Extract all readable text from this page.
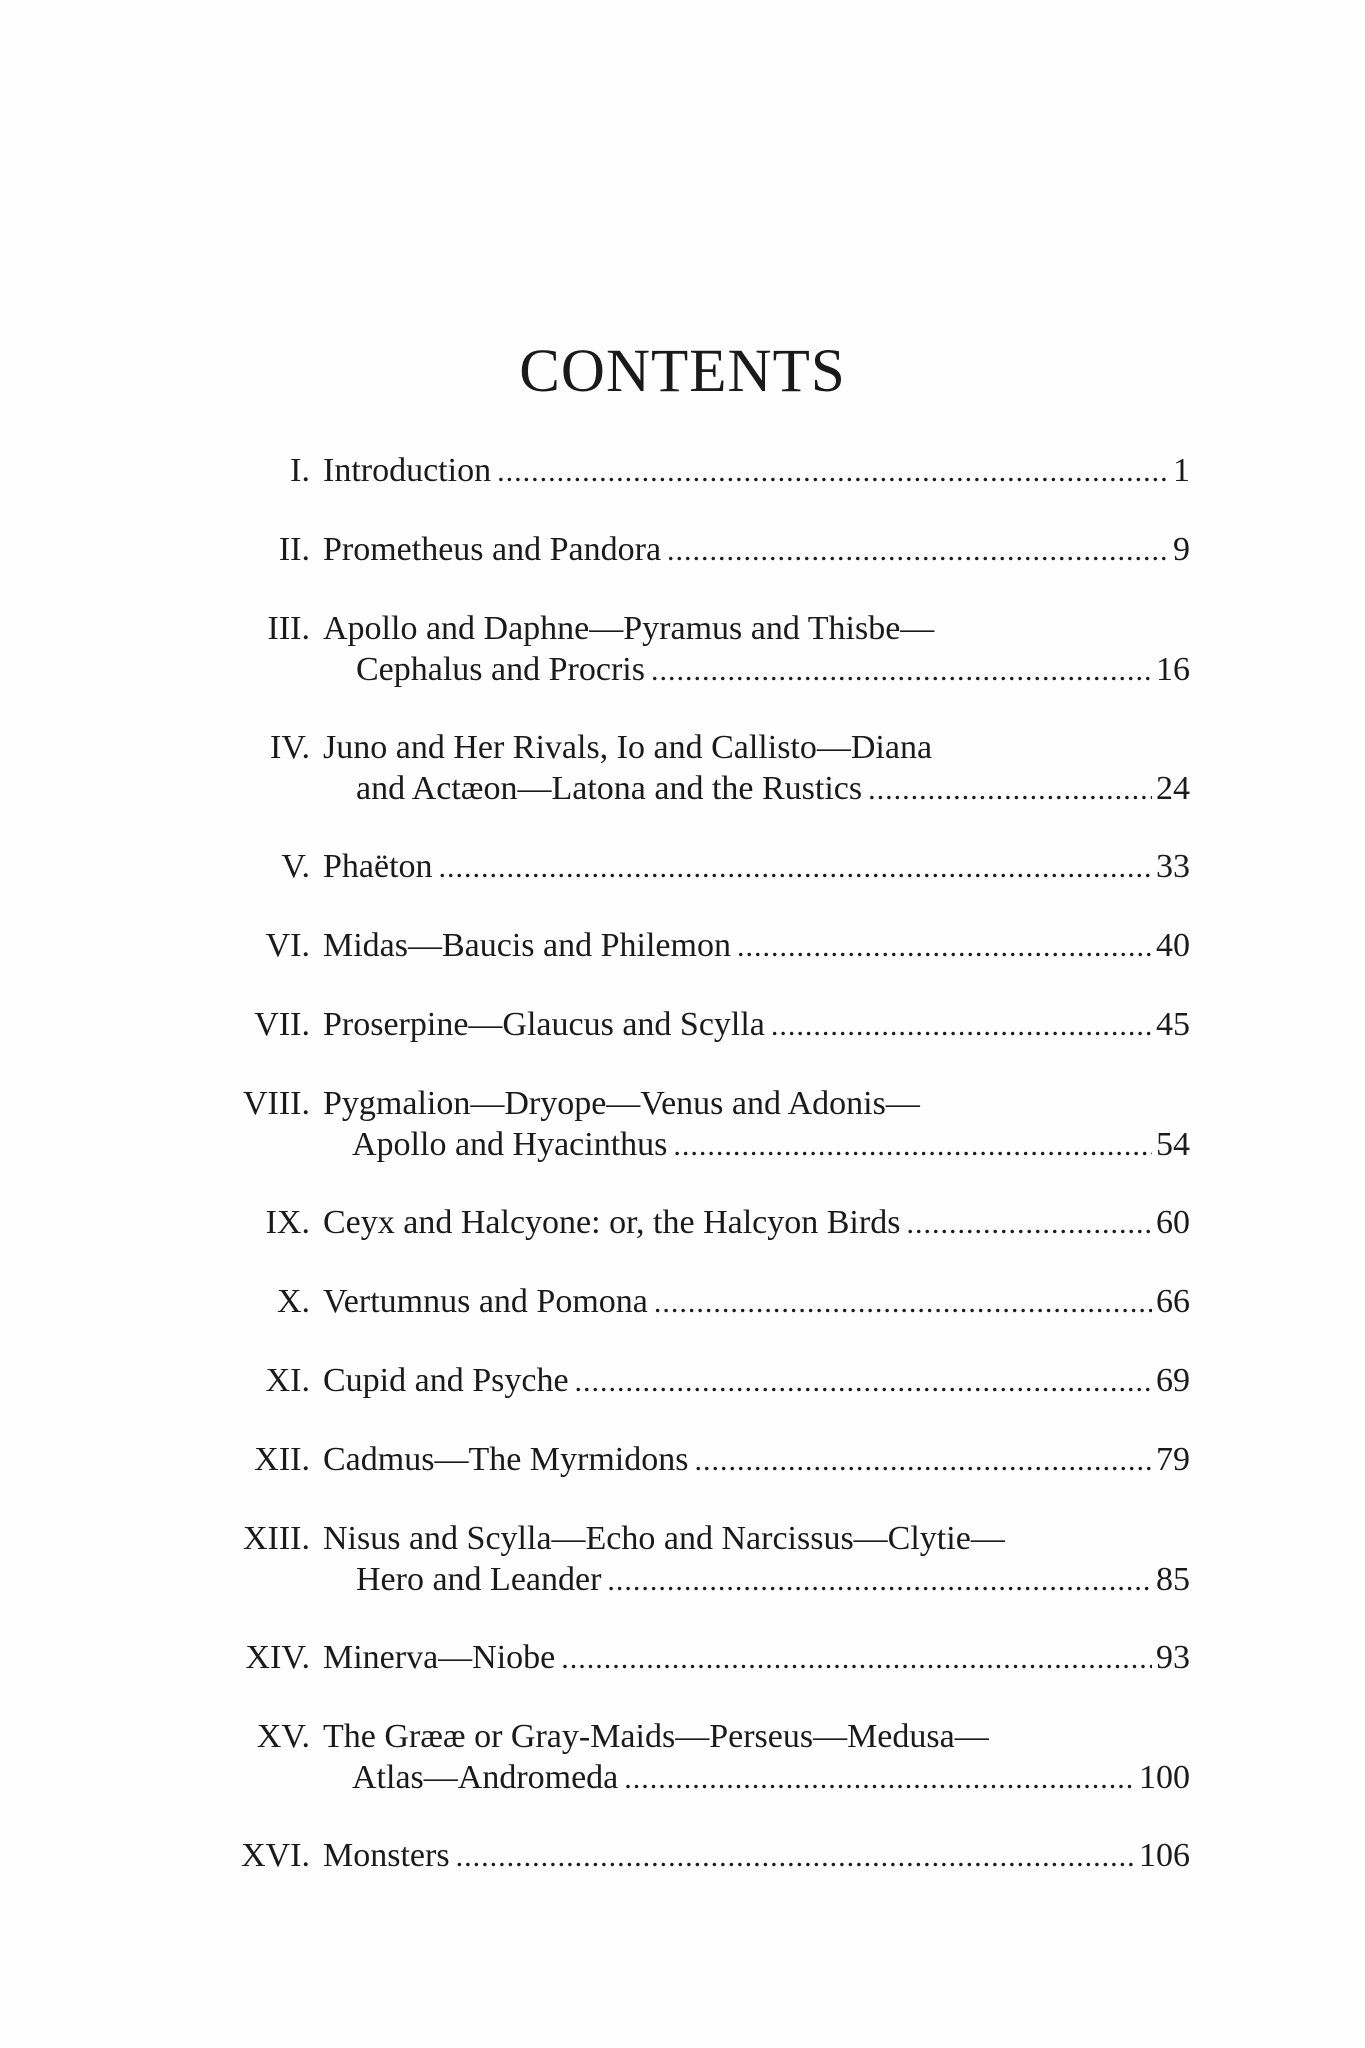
CONTENTS
I. Introduction .....	1
II. Prometheus and Pandora .....	9
III. Apollo and Daphne—Pyramus and Thisbe—
Cephalus and Procris .....	16
IV. Juno and Her Rivals, Io and Callisto—Diana
and Actæon—Latona and the Rustics .....	24
V. Phaëton .....	33
VI. Midas—Baucis and Philemon .....	40
VII. Proserpine—Glaucus and Scylla .....	45
VIII. Pygmalion—Dryope—Venus and Adonis—
Apollo and Hyacinthus .....	54
IX. Ceyx and Halcyone: or, the Halcyon Birds .....	60
X. Vertumnus and Pomona .....	66
XI. Cupid and Psyche .....	69
XII. Cadmus—The Myrmidons .....	79
XIII. Nisus and Scylla—Echo and Narcissus—Clytie—
Hero and Leander .....	85
XIV. Minerva—Niobe .....	93
XV. The Grææ or Gray-Maids—Perseus—Medusa—
Atlas—Andromeda .....	100
XVI. Monsters .....	106
